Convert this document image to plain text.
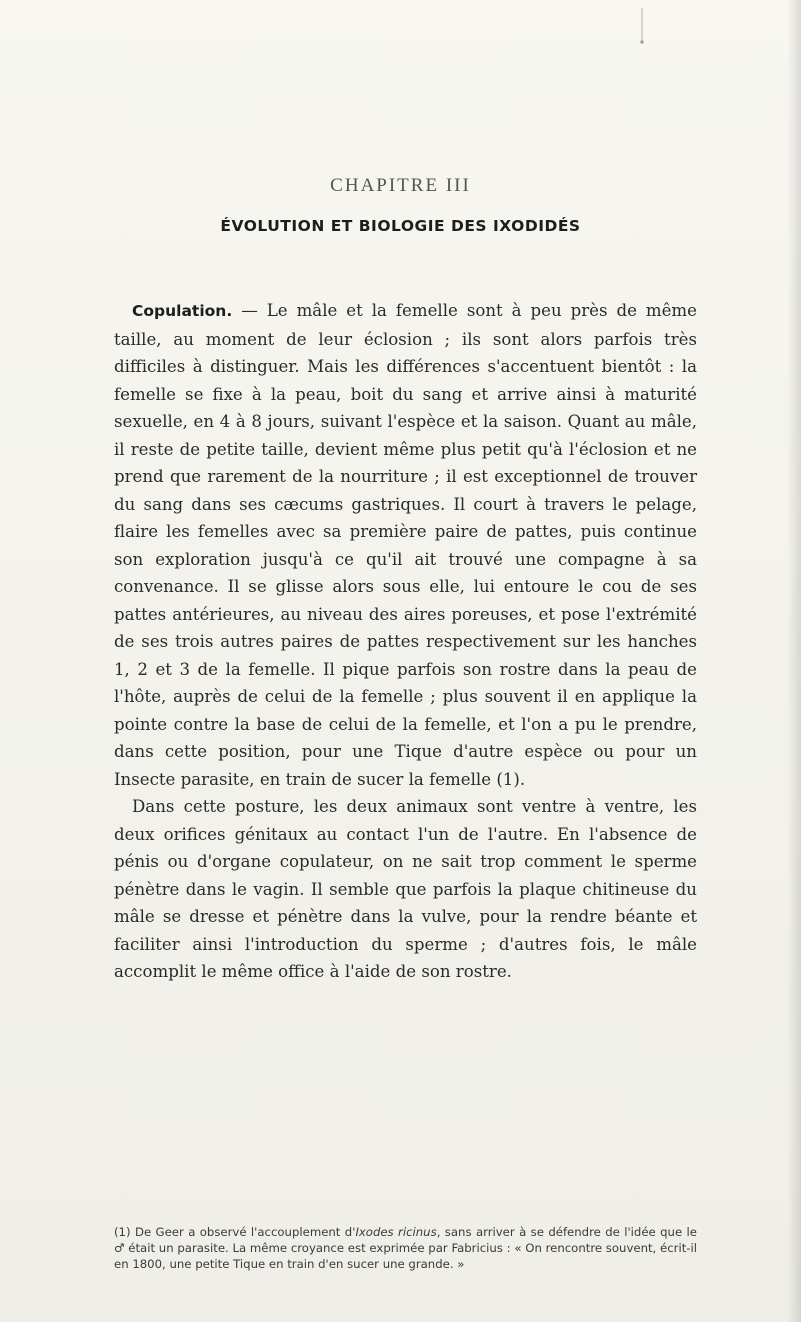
CHAPITRE III
ÉVOLUTION ET BIOLOGIE DES IXODIDÉS

Copulation. — Le mâle et la femelle sont à peu près de même taille, au moment de leur éclosion ; ils sont alors parfois très difficiles à distinguer. Mais les différences s'accentuent bientôt : la femelle se fixe à la peau, boit du sang et arrive ainsi à maturité sexuelle, en 4 à 8 jours, suivant l'espèce et la saison. Quant au mâle, il reste de petite taille, devient même plus petit qu'à l'éclosion et ne prend que rarement de la nourriture ; il est exceptionnel de trouver du sang dans ses cæcums gastriques. Il court à travers le pelage, flaire les femelles avec sa première paire de pattes, puis continue son exploration jusqu'à ce qu'il ait trouvé une compagne à sa convenance. Il se glisse alors sous elle, lui entoure le cou de ses pattes antérieures, au niveau des aires poreuses, et pose l'extrémité de ses trois autres paires de pattes respectivement sur les hanches 1, 2 et 3 de la femelle. Il pique parfois son rostre dans la peau de l'hôte, auprès de celui de la femelle ; plus souvent il en applique la pointe contre la base de celui de la femelle, et l'on a pu le prendre, dans cette position, pour une Tique d'autre espèce ou pour un Insecte parasite, en train de sucer la femelle (1).

Dans cette posture, les deux animaux sont ventre à ventre, les deux orifices génitaux au contact l'un de l'autre. En l'absence de pénis ou d'organe copulateur, on ne sait trop comment le sperme pénètre dans le vagin. Il semble que parfois la plaque chitineuse du mâle se dresse et pénètre dans la vulve, pour la rendre béante et faciliter ainsi l'introduction du sperme ; d'autres fois, le mâle accomplit le même office à l'aide de son rostre.

(1) De Geer a observé l'accouplement d'Ixodes ricinus, sans arriver à se défendre de l'idée que le ♂ était un parasite. La même croyance est exprimée par Fabricius : « On rencontre souvent, écrit-il en 1800, une petite Tique en train d'en sucer une grande. »
